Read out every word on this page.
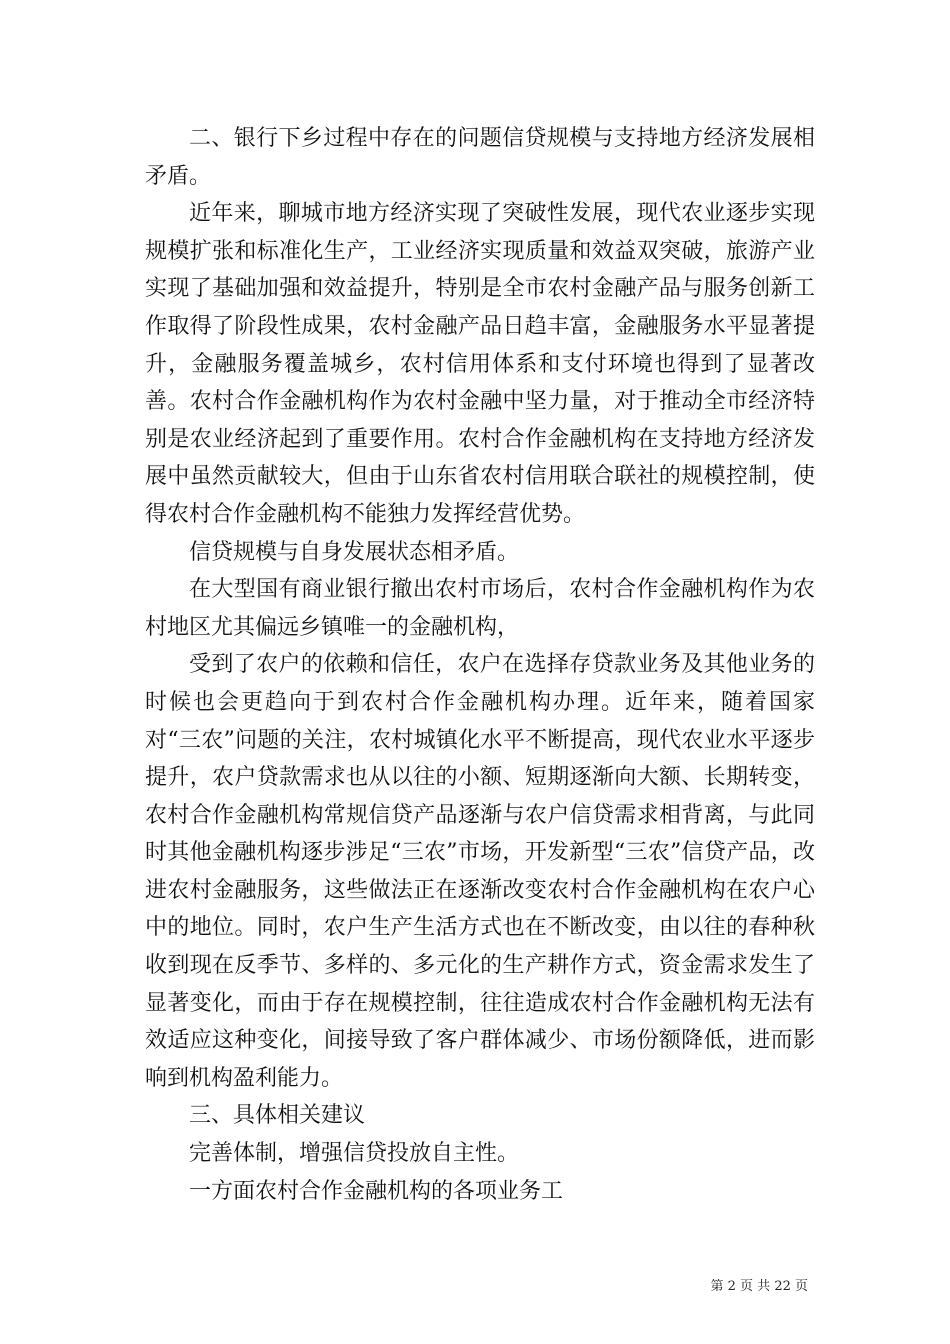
二、银行下乡过程中存在的问题信贷规模与支持地方经济发展相矛盾。

近年来，聊城市地方经济实现了突破性发展，现代农业逐步实现规模扩张和标准化生产，工业经济实现质量和效益双突破，旅游产业实现了基础加强和效益提升，特别是全市农村金融产品与服务创新工作取得了阶段性成果，农村金融产品日趋丰富，金融服务水平显著提升，金融服务覆盖城乡，农村信用体系和支付环境也得到了显著改善。农村合作金融机构作为农村金融中坚力量，对于推动全市经济特别是农业经济起到了重要作用。农村合作金融机构在支持地方经济发展中虽然贡献较大，但由于山东省农村信用联合联社的规模控制，使得农村合作金融机构不能独力发挥经营优势。

信贷规模与自身发展状态相矛盾。

在大型国有商业银行撤出农村市场后，农村合作金融机构作为农村地区尤其偏远乡镇唯一的金融机构，

受到了农户的依赖和信任，农户在选择存贷款业务及其他业务的时候也会更趋向于到农村合作金融机构办理。近年来，随着国家对“三农”问题的关注，农村城镇化水平不断提高，现代农业水平逐步提升，农户贷款需求也从以往的小额、短期逐渐向大额、长期转变，农村合作金融机构常规信贷产品逐渐与农户信贷需求相背离，与此同时其他金融机构逐步涉足“三农”市场，开发新型“三农”信贷产品，改进农村金融服务，这些做法正在逐渐改变农村合作金融机构在农户心中的地位。同时，农户生产生活方式也在不断改变，由以往的春种秋收到现在反季节、多样的、多元化的生产耕作方式，资金需求发生了显著变化，而由于存在规模控制，往往造成农村合作金融机构无法有效适应这种变化，间接导致了客户群体减少、市场份额降低，进而影响到机构盈利能力。

三、具体相关建议

完善体制，增强信贷投放自主性。

一方面农村合作金融机构的各项业务工

第 2 页 共 22 页
